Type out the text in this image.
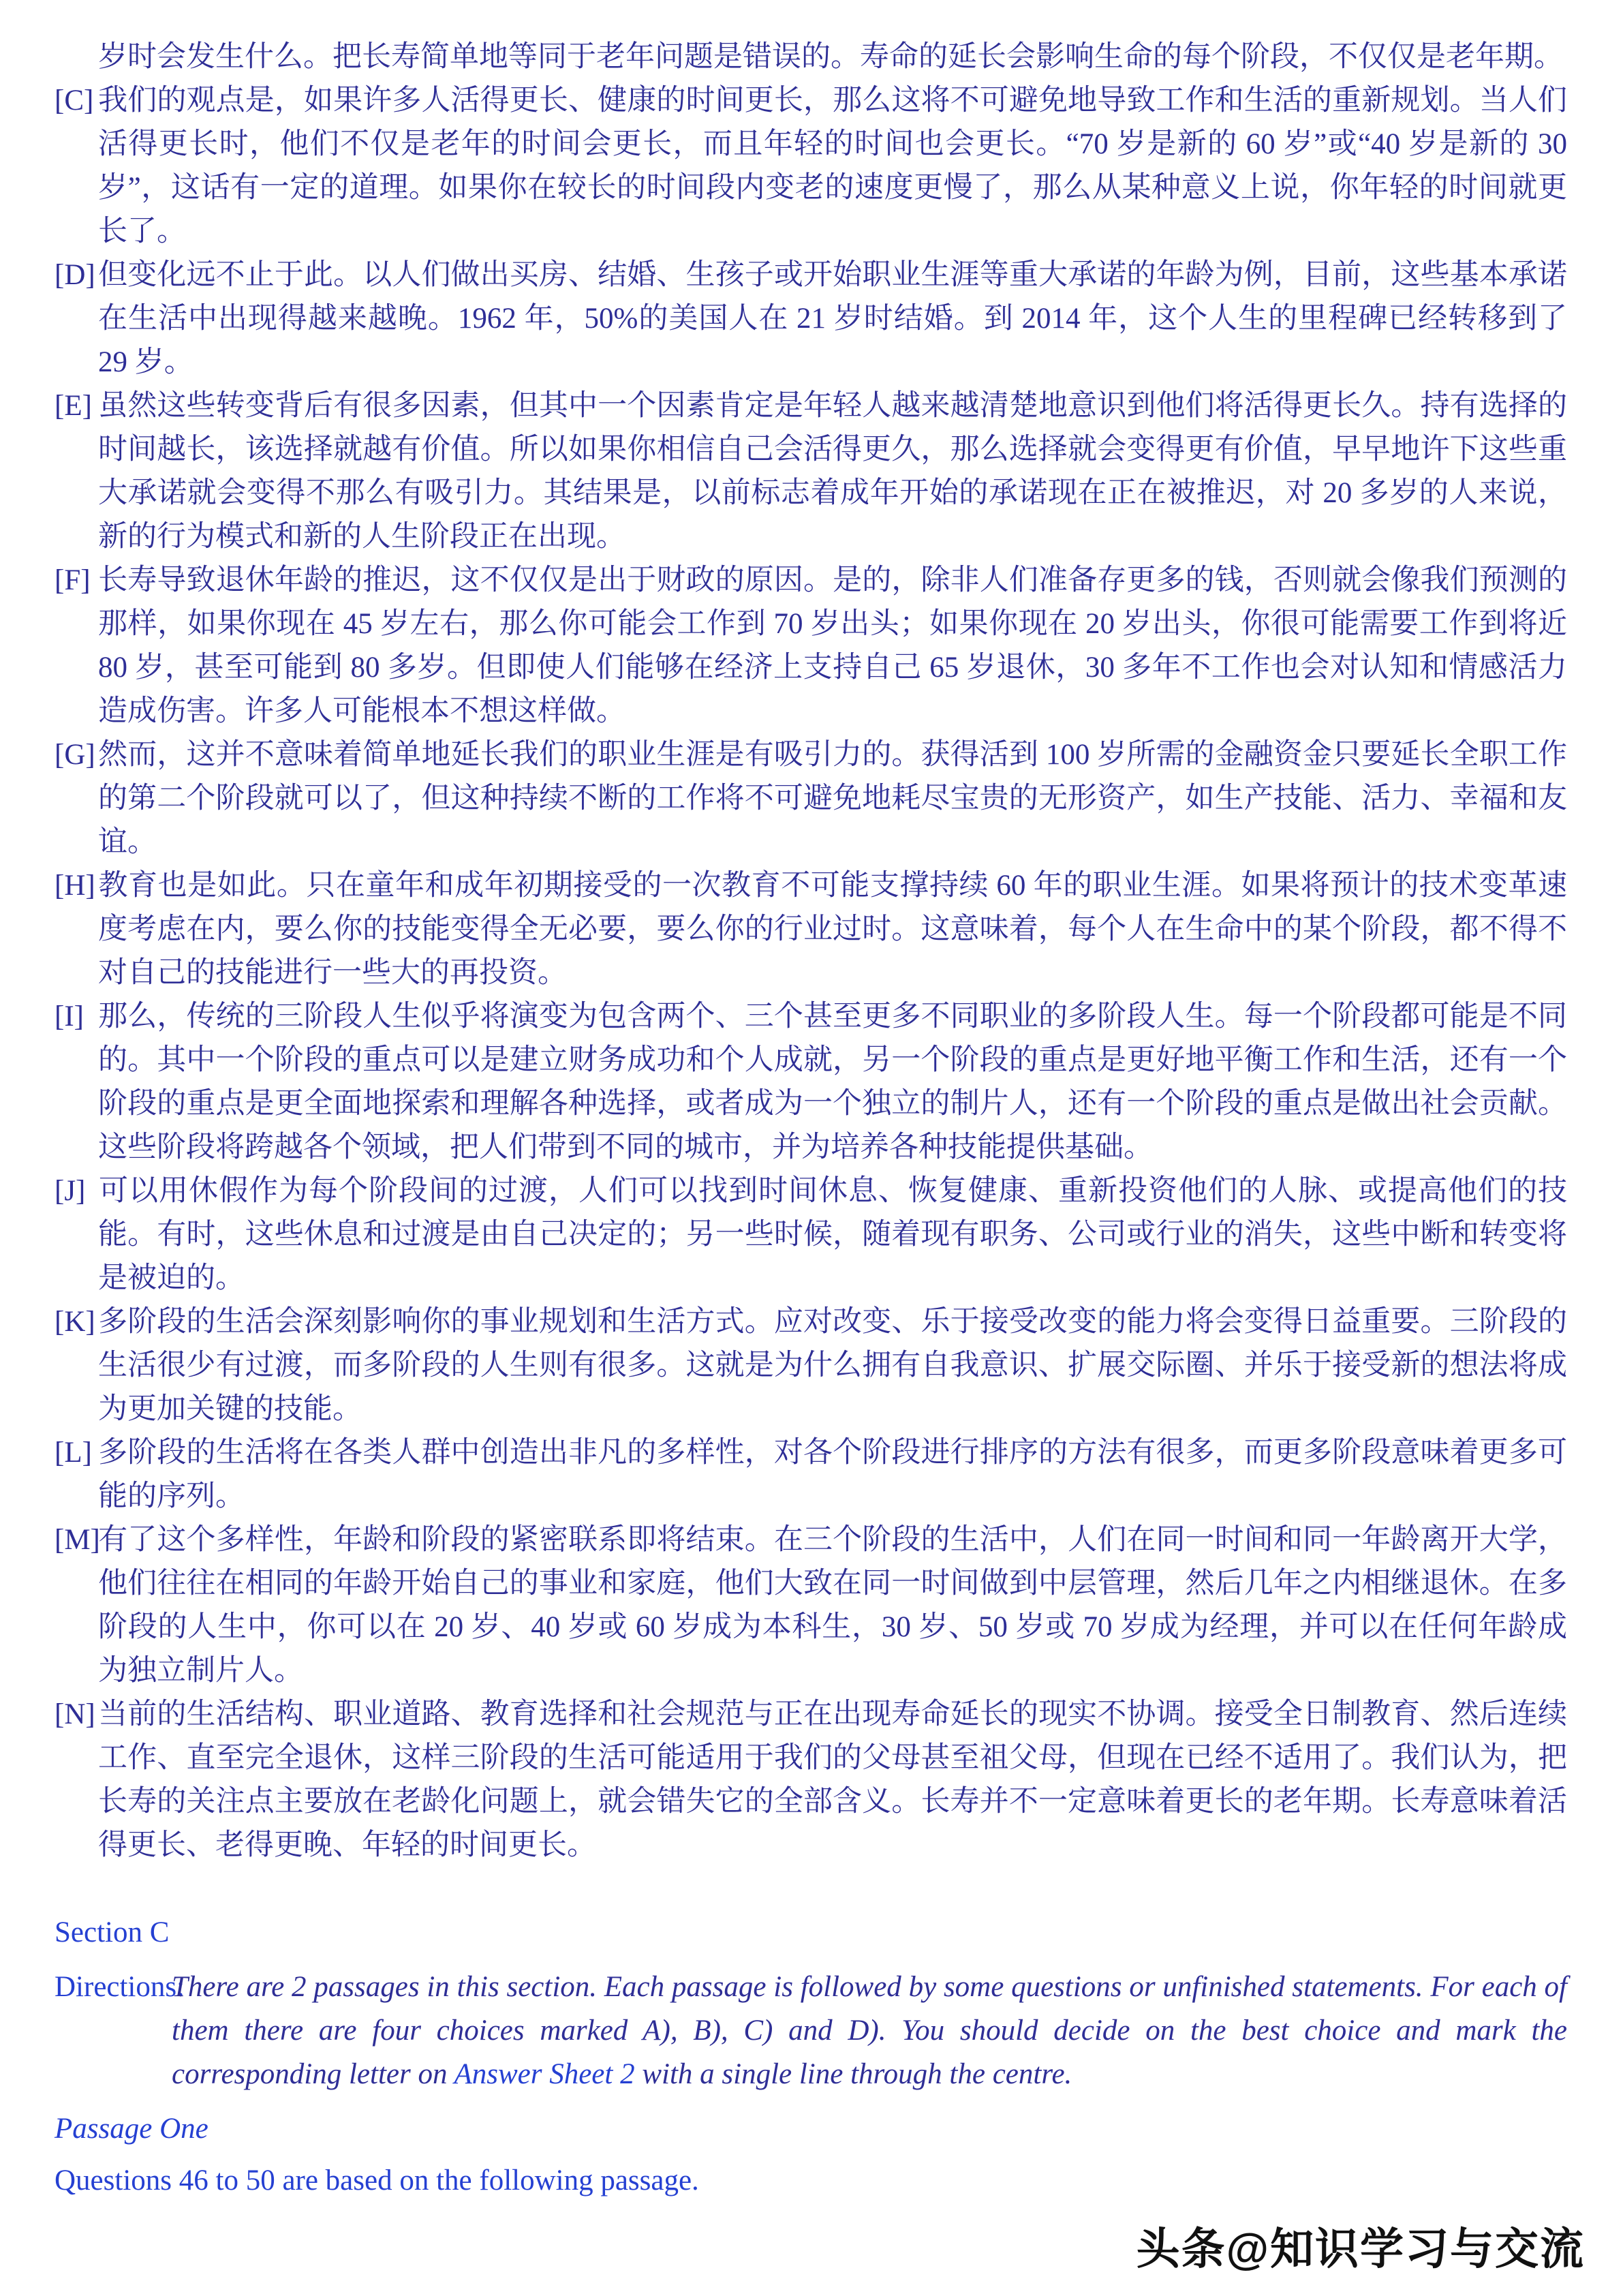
岁时会发生什么。把长寿简单地等同于老年问题是错误的。寿命的延长会影响生命的每个阶段，不仅仅是老年期。

[C] 我们的观点是，如果许多人活得更长、健康的时间更长，那么这将不可避免地导致工作和生活的重新规划。当人们活得更长时，他们不仅是老年的时间会更长，而且年轻的时间也会更长。“70 岁是新的 60 岁”或“40 岁是新的 30 岁”，这话有一定的道理。如果你在较长的时间段内变老的速度更慢了，那么从某种意义上说，你年轻的时间就更长了。

[D]但变化远不止于此。以人们做出买房、结婚、生孩子或开始职业生涯等重大承诺的年龄为例，目前，这些基本承诺在生活中出现得越来越晚。1962 年，50%的美国人在 21 岁时结婚。到 2014 年，这个人生的里程碑已经转移到了 29 岁。

[E] 虽然这些转变背后有很多因素，但其中一个因素肯定是年轻人越来越清楚地意识到他们将活得更长久。持有选择的时间越长，该选择就越有价值。所以如果你相信自己会活得更久，那么选择就会变得更有价值，早早地许下这些重大承诺就会变得不那么有吸引力。其结果是，以前标志着成年开始的承诺现在正在被推迟，对 20 多岁的人来说，新的行为模式和新的人生阶段正在出现。

[F] 长寿导致退休年龄的推迟，这不仅仅是出于财政的原因。是的，除非人们准备存更多的钱，否则就会像我们预测的那样，如果你现在 45 岁左右，那么你可能会工作到 70 岁出头；如果你现在 20 岁出头，你很可能需要工作到将近 80 岁，甚至可能到 80 多岁。但即使人们能够在经济上支持自己 65 岁退休，30 多年不工作也会对认知和情感活力造成伤害。许多人可能根本不想这样做。

[G]然而，这并不意味着简单地延长我们的职业生涯是有吸引力的。获得活到 100 岁所需的金融资金只要延长全职工作的第二个阶段就可以了，但这种持续不断的工作将不可避免地耗尽宝贵的无形资产，如生产技能、活力、幸福和友谊。

[H]教育也是如此。只在童年和成年初期接受的一次教育不可能支撑持续 60 年的职业生涯。如果将预计的技术变革速度考虑在内，要么你的技能变得全无必要，要么你的行业过时。这意味着，每个人在生命中的某个阶段，都不得不对自己的技能进行一些大的再投资。

[I] 那么，传统的三阶段人生似乎将演变为包含两个、三个甚至更多不同职业的多阶段人生。每一个阶段都可能是不同的。其中一个阶段的重点可以是建立财务成功和个人成就，另一个阶段的重点是更好地平衡工作和生活，还有一个阶段的重点是更全面地探索和理解各种选择，或者成为一个独立的制片人，还有一个阶段的重点是做出社会贡献。这些阶段将跨越各个领域，把人们带到不同的城市，并为培养各种技能提供基础。

[J] 可以用休假作为每个阶段间的过渡，人们可以找到时间休息、恢复健康、重新投资他们的人脉、或提高他们的技能。有时，这些休息和过渡是由自己决定的；另一些时候，随着现有职务、公司或行业的消失，这些中断和转变将是被迫的。

[K]多阶段的生活会深刻影响你的事业规划和生活方式。应对改变、乐于接受改变的能力将会变得日益重要。三阶段的生活很少有过渡，而多阶段的人生则有很多。这就是为什么拥有自我意识、扩展交际圈、并乐于接受新的想法将成为更加关键的技能。

[L] 多阶段的生活将在各类人群中创造出非凡的多样性，对各个阶段进行排序的方法有很多，而更多阶段意味着更多可能的序列。

[M]有了这个多样性，年龄和阶段的紧密联系即将结束。在三个阶段的生活中，人们在同一时间和同一年龄离开大学，他们往往在相同的年龄开始自己的事业和家庭，他们大致在同一时间做到中层管理，然后几年之内相继退休。在多阶段的人生中，你可以在 20 岁、40 岁或 60 岁成为本科生，30 岁、50 岁或 70 岁成为经理，并可以在任何年龄成为独立制片人。

[N]当前的生活结构、职业道路、教育选择和社会规范与正在出现寿命延长的现实不协调。接受全日制教育、然后连续工作、直至完全退休，这样三阶段的生活可能适用于我们的父母甚至祖父母，但现在已经不适用了。我们认为，把长寿的关注点主要放在老龄化问题上，就会错失它的全部含义。长寿并不一定意味着更长的老年期。长寿意味着活得更长、老得更晚、年轻的时间更长。

Section C

Directions:There are 2 passages in this section. Each passage is followed by some questions or unfinished statements. For each of them there are four choices marked A), B), C) and D). You should decide on the best choice and mark the corresponding letter on Answer Sheet 2 with a single line through the centre.

Passage One

Questions 46 to 50 are based on the following passage.

头条@知识学习与交流
